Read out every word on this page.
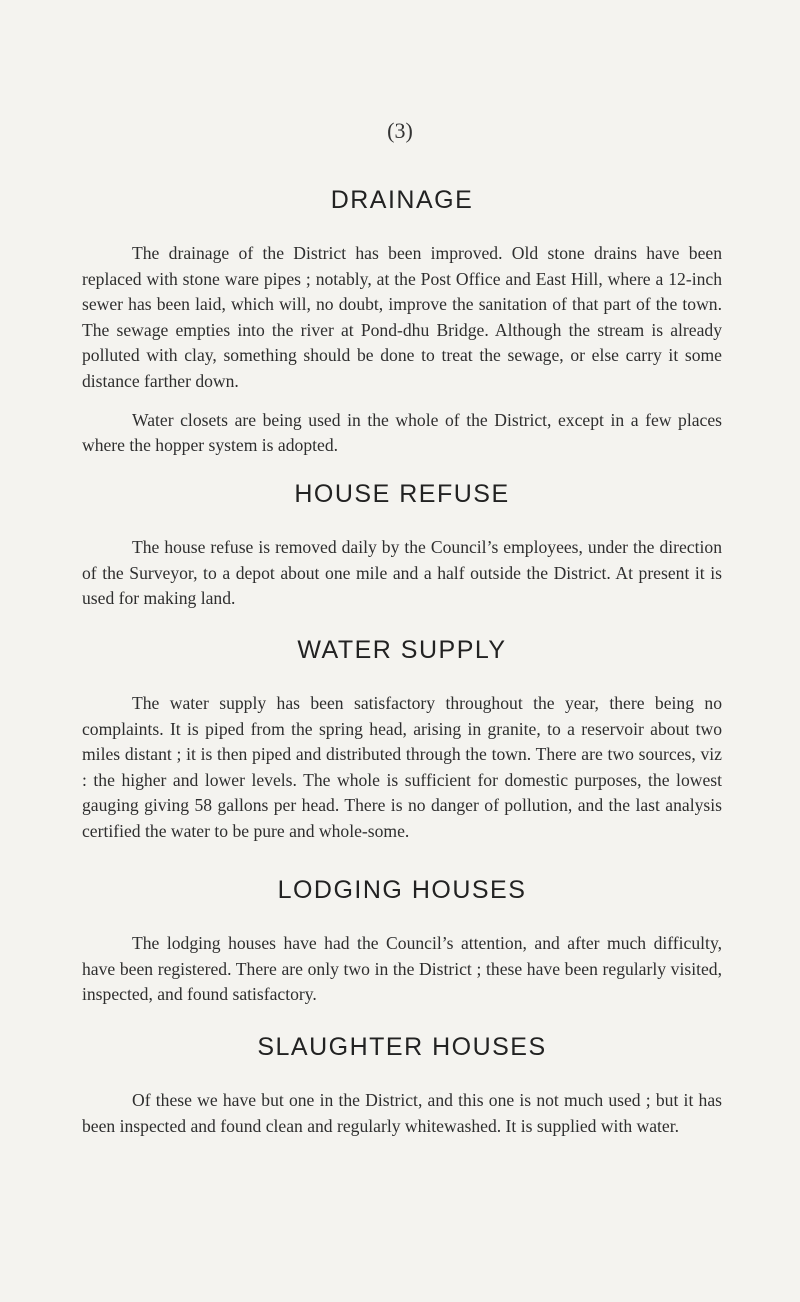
(3)
DRAINAGE

The drainage of the District has been improved. Old stone drains have been replaced with stone ware pipes ; notably, at the Post Office and East Hill, where a 12-inch sewer has been laid, which will, no doubt, improve the sanitation of that part of the town. The sewage empties into the river at Pond-dhu Bridge. Although the stream is already polluted with clay, something should be done to treat the sewage, or else carry it some distance farther down.

Water closets are being used in the whole of the District, except in a few places where the hopper system is adopted.

HOUSE REFUSE

The house refuse is removed daily by the Council’s employees, under the direction of the Surveyor, to a depot about one mile and a half outside the District. At present it is used for making land.

WATER SUPPLY

The water supply has been satisfactory throughout the year, there being no complaints. It is piped from the spring head, arising in granite, to a reservoir about two miles distant ; it is then piped and distributed through the town. There are two sources, viz : the higher and lower levels. The whole is sufficient for domestic purposes, the lowest gauging giving 58 gallons per head. There is no danger of pollution, and the last analysis certified the water to be pure and whole-some.

LODGING HOUSES

The lodging houses have had the Council’s attention, and after much difficulty, have been registered. There are only two in the District ; these have been regularly visited, inspected, and found satisfactory.

SLAUGHTER HOUSES

Of these we have but one in the District, and this one is not much used ; but it has been inspected and found clean and regularly whitewashed. It is supplied with water.
